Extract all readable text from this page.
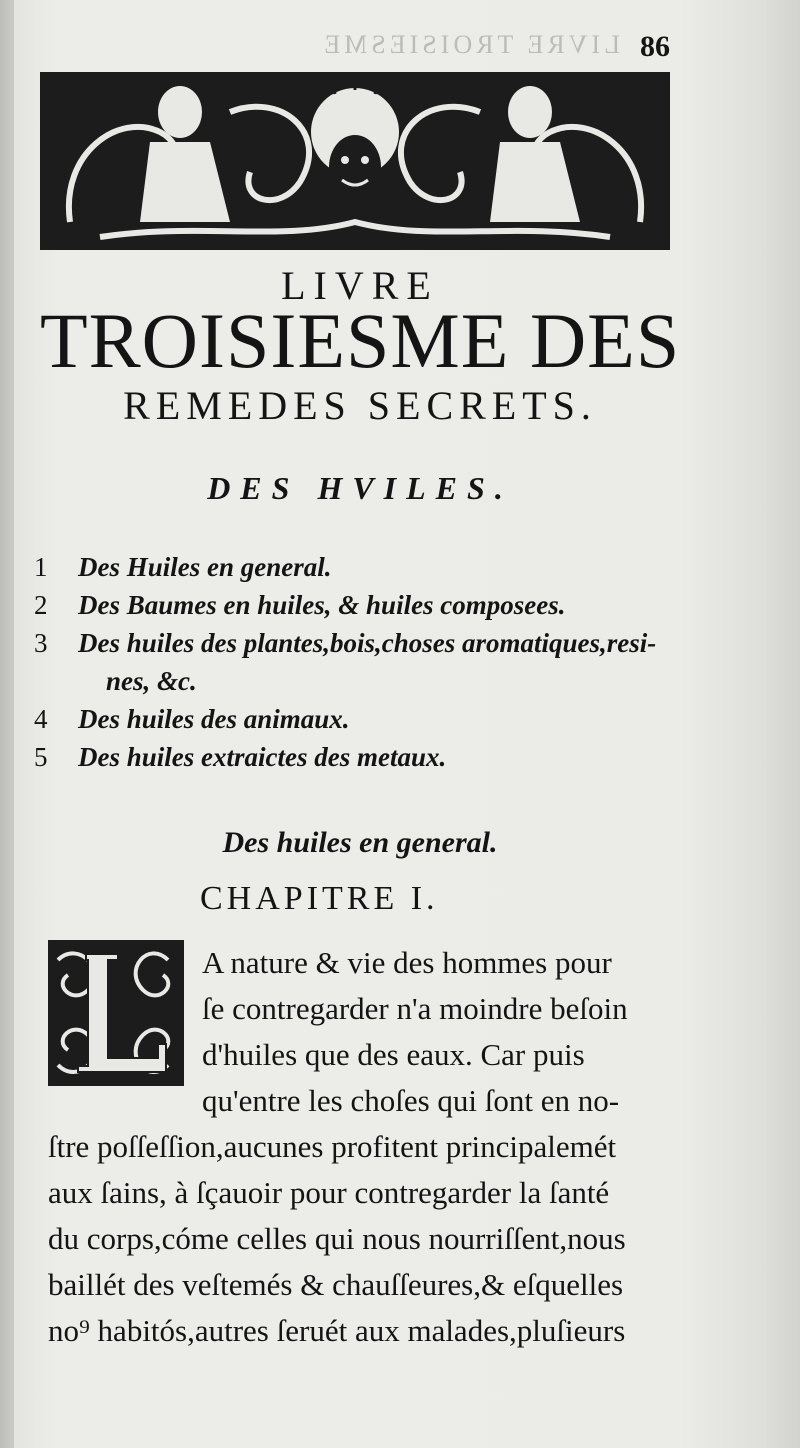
LIVRE TROISIESME 86
LIVRE
TROISIESME DES
REMEDES SECRETS.
DES HVILES.
1	Des Huiles en general.
2	Des Baumes en huiles, & huiles composees.
3	Des huiles des plantes,bois,choses aromatiques,resi-
nes, &c.
4	Des huiles des animaux.
5	Des huiles extraictes des metaux.
Des huiles en general.
CHAPITRE I.
A nature & vie des hommes pour
ſe contregarder n'a moindre beſoin
d'huiles que des eaux. Car puis
qu'entre les choſes qui ſont en no-
ſtre poſſeſſion,aucunes profitent principalemét
aux ſains, à ſçauoir pour contregarder la ſanté
du corps,cóme celles qui nous nourriſſent,nous
baillét des veſtemés & chauſſeures,& eſquelles
no⁹ habitós,autres ſeruét aux malades,pluſieurs
